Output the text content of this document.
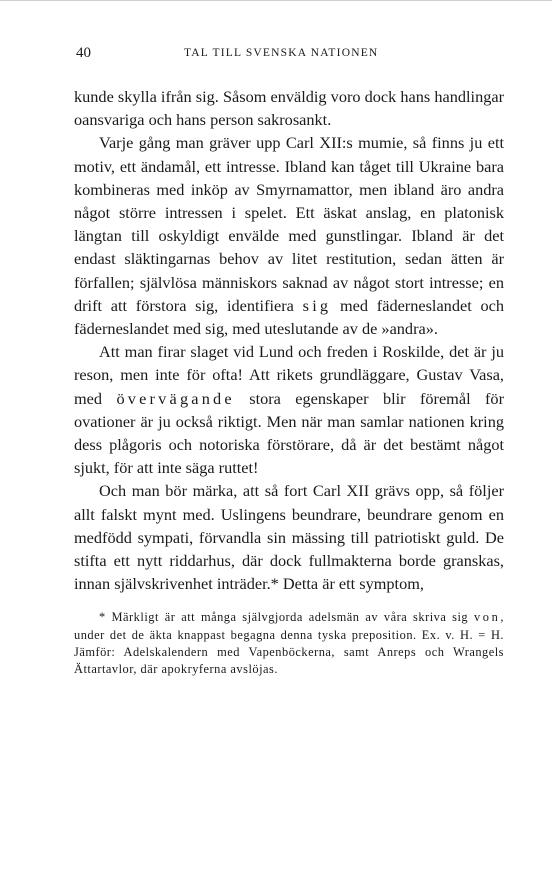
40	TAL TILL SVENSKA NATIONEN

kunde skylla ifrån sig. Såsom enväldig voro dock hans handlingar oansvariga och hans person sakrosankt.

Varje gång man gräver upp Carl XII:s mumie, så finns ju ett motiv, ett ändamål, ett intresse. Ibland kan tåget till Ukraine bara kombineras med inköp av Smyrnamattor, men ibland äro andra något större intressen i spelet. Ett äskat anslag, en platonisk längtan till oskyldigt envälde med gunstlingar. Ibland är det endast släktingarnas behov av litet restitution, sedan ätten är förfallen; självlösa människors saknad av något stort intresse; en drift att förstora sig, identifiera sig med fäderneslandet och fäderneslandet med sig, med uteslutande av de »andra».

Att man firar slaget vid Lund och freden i Roskilde, det är ju reson, men inte för ofta! Att rikets grundläggare, Gustav Vasa, med övervägande stora egenskaper blir föremål för ovationer är ju också riktigt. Men när man samlar nationen kring dess plågoris och notoriska förstörare, då är det bestämt något sjukt, för att inte säga ruttet!

Och man bör märka, att så fort Carl XII grävs opp, så följer allt falskt mynt med. Uslingens beundrare, beundrare genom en medfödd sympati, förvandla sin mässing till patriotiskt guld. De stifta ett nytt riddarhus, där dock fullmakterna borde granskas, innan självskrivenhet inträder.* Detta är ett symptom,

* Märkligt är att många självgjorda adelsmän av våra skriva sig von, under det de äkta knappast begagna denna tyska preposition. Ex. v. H. = H. Jämför: Adelskalendern med Vapenböckerna, samt Anreps och Wrangels Ättartavlor, där apokryferna avslöjas.
